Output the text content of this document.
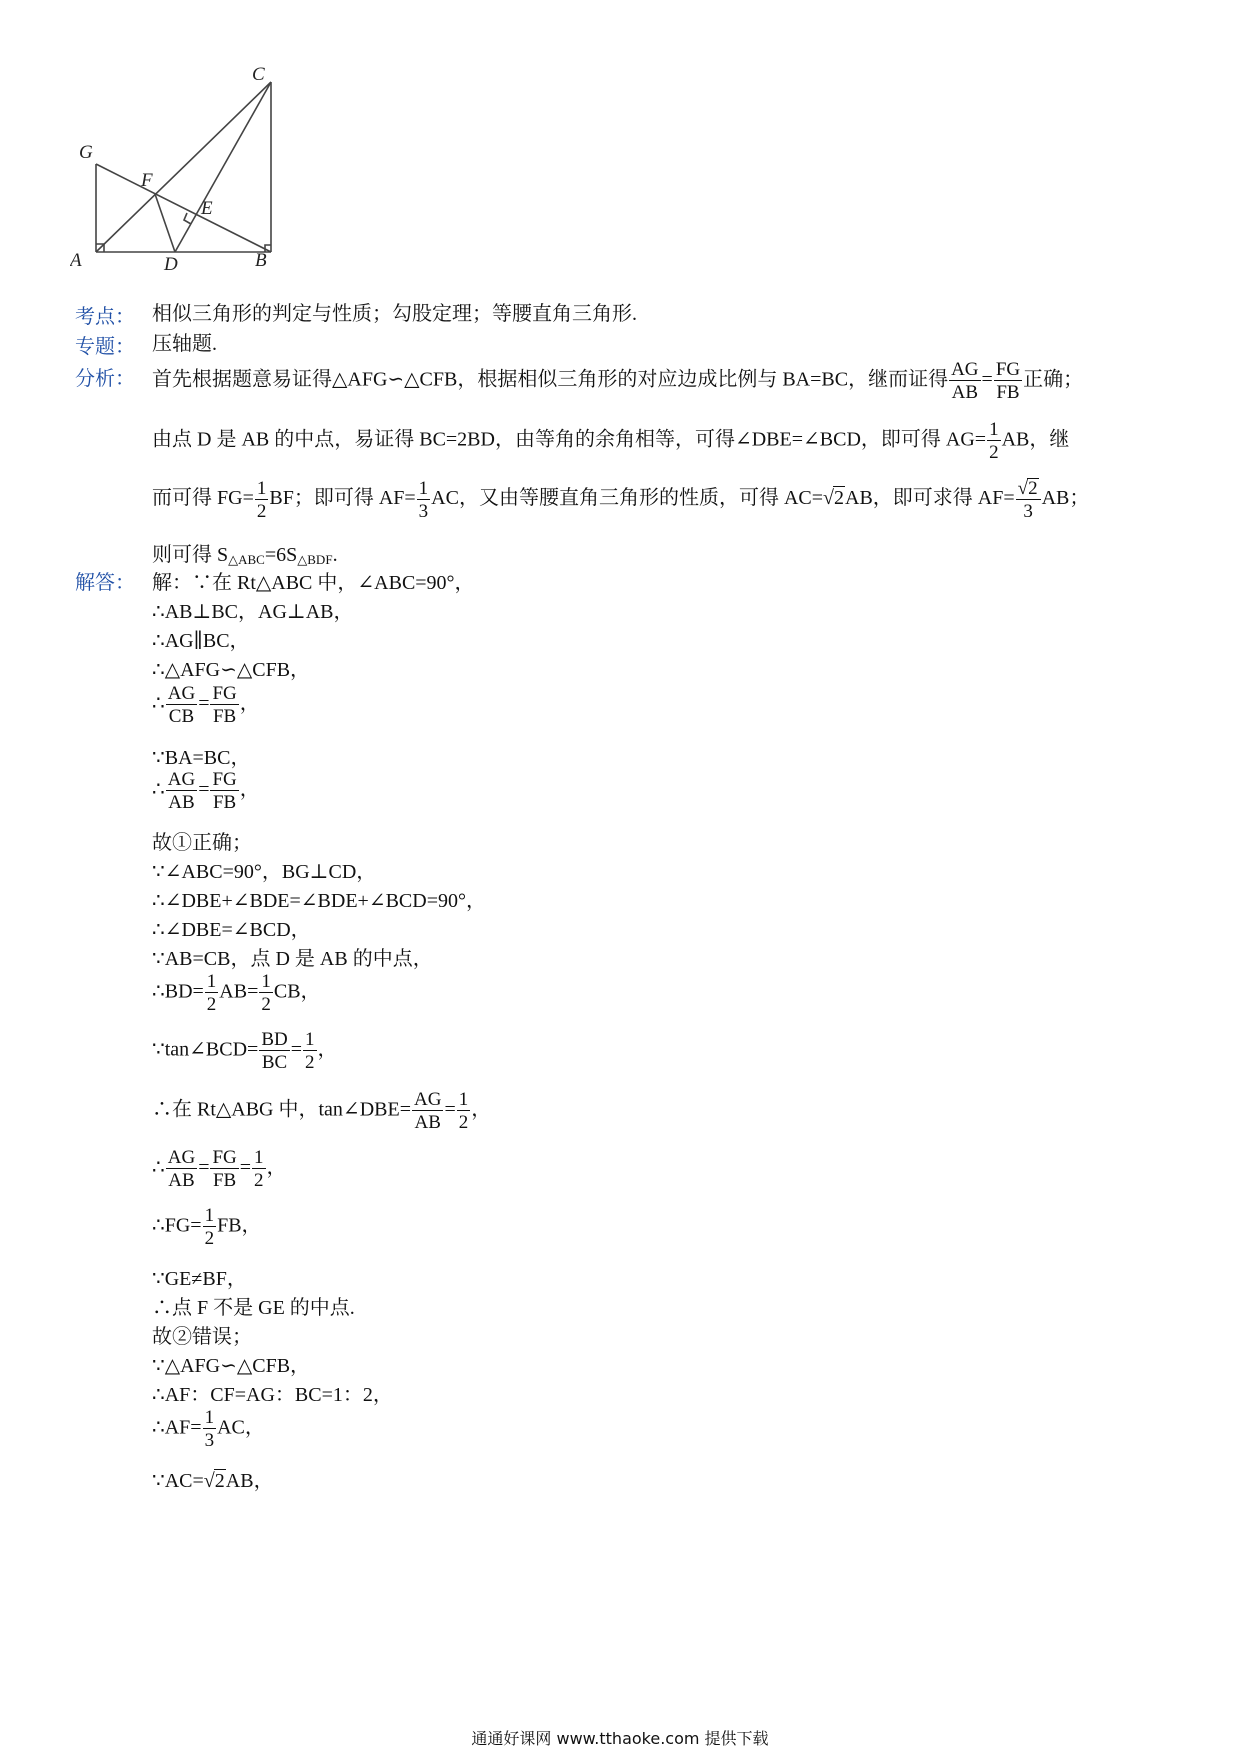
C
G
F
E
A	D	B
考点： 相似三角形的判定与性质；勾股定理；等腰直角三角形.
专题： 压轴题.
分析： 首先根据题意易证得△AFG∽△CFB，根据相似三角形的对应边成比例与 BA=BC，继而证得 $\frac{AG}{AB} = \frac{FG}{FB}$ 正确；
由点 D 是 AB 的中点，易证得 BC=2BD，由等角的余角相等，可得∠DBE=∠BCD，即可得 $AG= \frac{1}{2}$ AB，继
而可得 $FG= \frac{1}{2}$ BF；即可得 $AF= \frac{1}{3}$ AC，又由等腰直角三角形的性质，可得 AC=√2AB，即可求得 $AF= \frac{√2}{3}$ AB；
则可得 $S_{\triangle ABC}=6S_{\triangle BDF}$.
解答： 解：∵在 Rt△ABC 中，∠ABC=90°，
∴AB⊥BC，AG⊥AB，
∴AG∥BC，
∴△AFG∽△CFB，
∴ $\frac{AG}{CB} = \frac{FG}{FB}$ ，
∵BA=BC，
∴ $\frac{AG}{AB} = \frac{FG}{FB}$ ，
故①正确；
∵∠ABC=90°，BG⊥CD，
∴∠DBE+∠BDE=∠BDE+∠BCD=90°，
∴∠DBE=∠BCD，
∵AB=CB，点 D 是 AB 的中点，
∴BD= $\frac{1}{2} AB= \frac{1}{2}$ CB，
∵tan∠BCD= $\frac{BD}{BC} = \frac{1}{2}$ ，
∴在 Rt△ABG 中，tan∠DBE= $\frac{AG}{AB} = \frac{1}{2}$ ，
∴ $\frac{AG}{AB} = \frac{FG}{FB} = \frac{1}{2}$ ，
∴FG= $\frac{1}{2}$ FB，
∵GE≠BF，
∴点 F 不是 GE 的中点.
故②错误；
∵△AFG∽△CFB，
∴AF：CF=AG：BC=1：2，
∴AF= $\frac{1}{3}$ AC，
∵AC=√2AB，
通通好课网 www.tthaoke.com 提供下载
